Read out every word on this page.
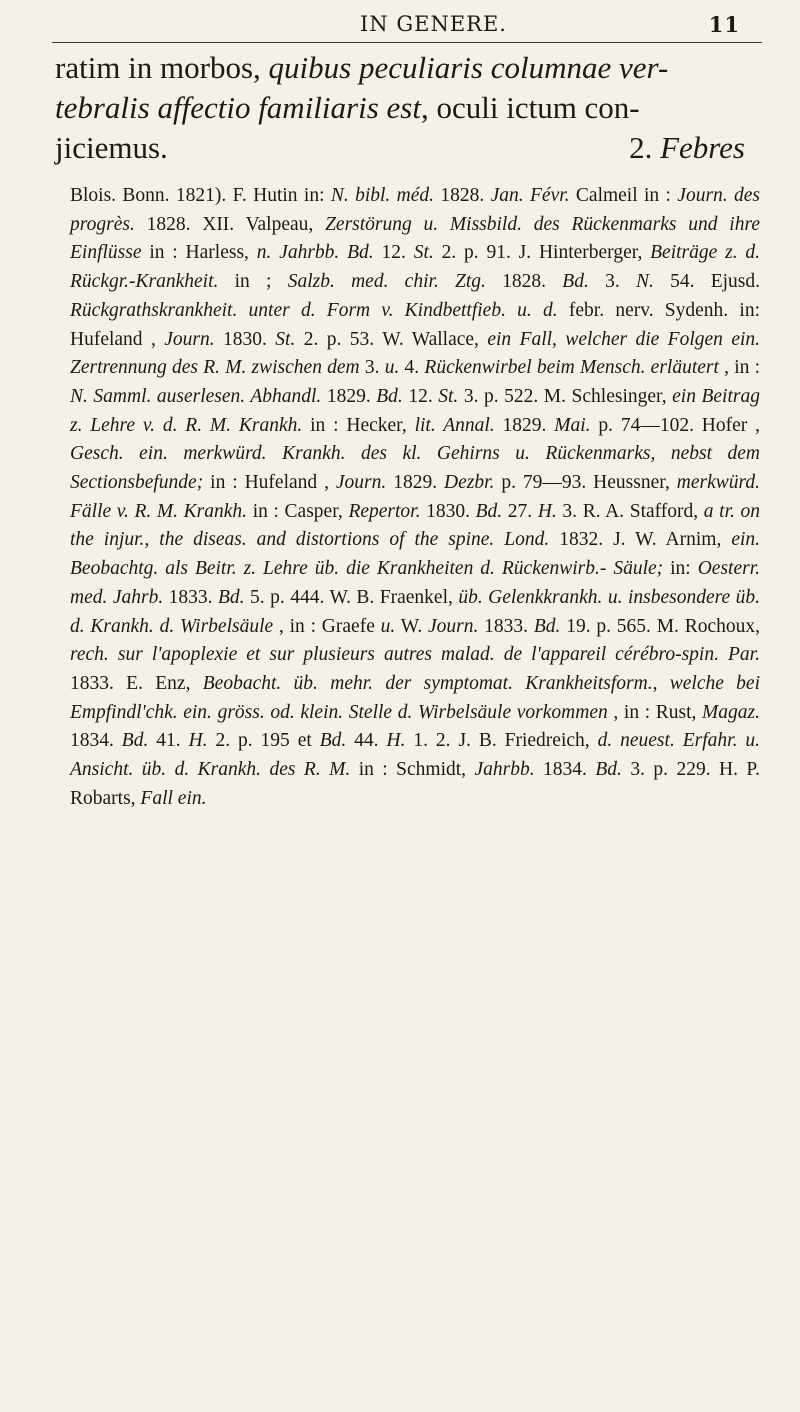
IN GENERE.	11

ratim in morbos, quibus peculiaris columnae ver-

tebralis affectio familiaris est, oculi ictum con-

jiciemus.	2. Febres

Blois. Bonn. 1821). F. Hutin in: N. bibl. méd. 1828. Jan. Févr. Calmeil in : Journ. des progrès. 1828. XII. Valpeau, Zerstörung u. Missbild. des Rückenmarks und ihre Einflüsse in : Harless, n. Jahrbb. Bd. 12. St. 2. p. 91. J. Hinterberger, Beiträge z. d. Rückgr.-Krankheit. in ; Salzb. med. chir. Ztg. 1828. Bd. 3. N. 54. Ejusd. Rückgrathskrankheit. unter d. Form v. Kindbettfieb. u. d. febr. nerv. Sydenh. in: Hufeland , Journ. 1830. St. 2. p. 53. W. Wallace, ein Fall, welcher die Folgen ein. Zertrennung des R. M. zwischen dem 3. u. 4. Rückenwirbel beim Mensch. erläutert , in : N. Samml. auserlesen. Abhandl. 1829. Bd. 12. St. 3. p. 522. M. Schlesinger, ein Beitrag z. Lehre v. d. R. M. Krankh. in : Hecker, lit. Annal. 1829. Mai. p. 74—102. Hofer , Gesch. ein. merkwürd. Krankh. des kl. Gehirns u. Rückenmarks, nebst dem Sectionsbefunde; in : Hufeland , Journ. 1829. Dezbr. p. 79—93. Heussner, merkwürd. Fälle v. R. M. Krankh. in : Casper, Repertor. 1830. Bd. 27. H. 3. R. A. Stafford, a tr. on the injur., the diseas. and distortions of the spine. Lond. 1832. J. W. Arnim, ein. Beobachtg. als Beitr. z. Lehre üb. die Krankheiten d. Rückenwirb.- Säule; in: Oesterr. med. Jahrb. 1833. Bd. 5. p. 444. W. B. Fraenkel, üb. Gelenkkrankh. u. insbesondere üb. d. Krankh. d. Wirbelsäule , in : Graefe u. W. Journ. 1833. Bd. 19. p. 565. M. Rochoux, rech. sur l'apoplexie et sur plusieurs autres malad. de l'appareil cérébro-spin. Par. 1833. E. Enz, Beobacht. üb. mehr. der symptomat. Krankheitsform., welche bei Empfindl'chk. ein. gröss. od. klein. Stelle d. Wirbelsäule vorkommen , in : Rust, Magaz. 1834. Bd. 41. H. 2. p. 195 et Bd. 44. H. 1. 2. J. B. Friedreich, d. neuest. Erfahr. u. Ansicht. üb. d. Krankh. des R. M. in : Schmidt, Jahrbb. 1834. Bd. 3. p. 229. H. P. Robarts, Fall ein.
